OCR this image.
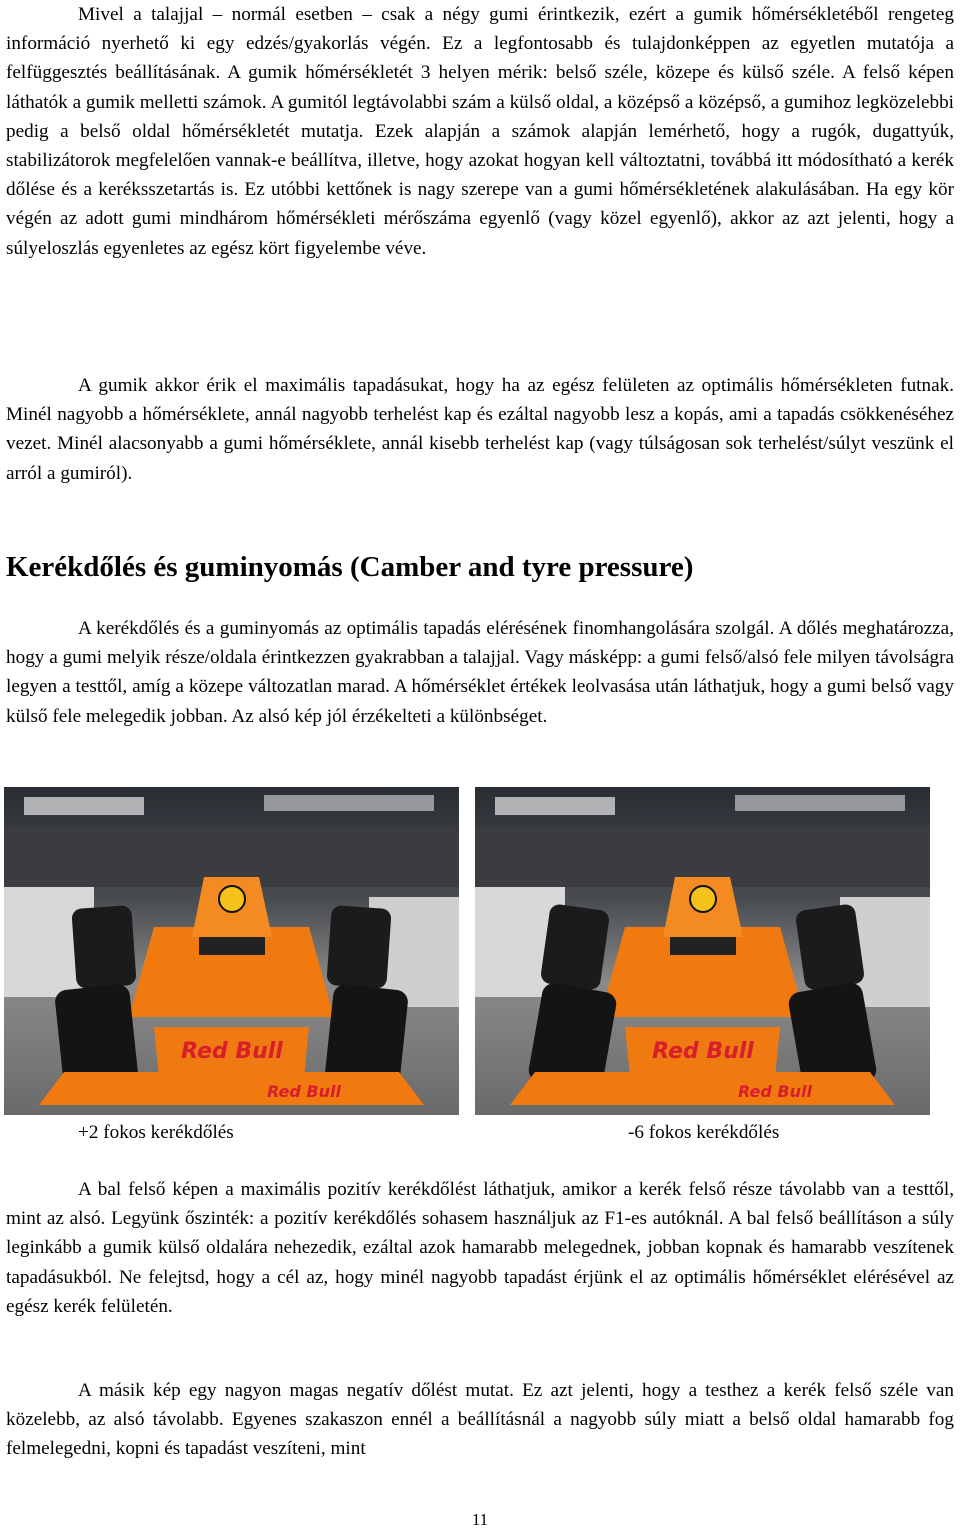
Mivel a talajjal – normál esetben – csak a négy gumi érintkezik, ezért a gumik hőmérsékletéből rengeteg információ nyerhető ki egy edzés/gyakorlás végén. Ez a legfontosabb és tulajdonképpen az egyetlen mutatója a felfüggesztés beállításának. A gumik hőmérsékletét 3 helyen mérik: belső széle, közepe és külső széle. A felső képen láthatók a gumik melletti számok. A gumitól legtávolabbi szám a külső oldal, a középső a középső, a gumihoz legközelebbi pedig a belső oldal hőmérsékletét mutatja. Ezek alapján a számok alapján lemérhető, hogy a rugók, dugattyúk, stabilizátorok megfelelően vannak-e beállítva, illetve, hogy azokat hogyan kell változtatni, továbbá itt módosítható a kerék dőlése és a keréksszetartás is. Ez utóbbi kettőnek is nagy szerepe van a gumi hőmérsékletének alakulásában. Ha egy kör végén az adott gumi mindhárom hőmérsékleti mérőszáma egyenlő (vagy közel egyenlő), akkor az azt jelenti, hogy a súlyeloszlás egyenletes az egész kört figyelembe véve.

A gumik akkor érik el maximális tapadásukat, hogy ha az egész felületen az optimális hőmérsékleten futnak. Minél nagyobb a hőmérséklete, annál nagyobb terhelést kap és ezáltal nagyobb lesz a kopás, ami a tapadás csökkenéséhez vezet. Minél alacsonyabb a gumi hőmérséklete, annál kisebb terhelést kap (vagy túlságosan sok terhelést/súlyt veszünk el arról a gumiról).

Kerékdőlés és guminyomás (Camber and tyre pressure)

A kerékdőlés és a guminyomás az optimális tapadás elérésének finomhangolására szolgál. A dőlés meghatározza, hogy a gumi melyik része/oldala érintkezzen gyakrabban a talajjal. Vagy másképp: a gumi felső/alsó fele milyen távolságra legyen a testtől, amíg a közepe változatlan marad. A hőmérséklet értékek leolvasása után láthatjuk, hogy a gumi belső vagy külső fele melegedik jobban. Az alsó kép jól érzékelteti a különbséget.

Red Bull
Red Bull
Red Bull
Red Bull
+2 fokos kerékdőlés	-6 fokos kerékdőlés

A bal felső képen a maximális pozitív kerékdőlést láthatjuk, amikor a kerék felső része távolabb van a testtől, mint az alsó. Legyünk őszinték: a pozitív kerékdőlés sohasem használjuk az F1-es autóknál. A bal felső beállításon a súly leginkább a gumik külső oldalára nehezedik, ezáltal azok hamarabb melegednek, jobban kopnak és hamarabb veszítenek tapadásukból. Ne felejtsd, hogy a cél az, hogy minél nagyobb tapadást érjünk el az optimális hőmérséklet elérésével az egész kerék felületén.

A másik kép egy nagyon magas negatív dőlést mutat. Ez azt jelenti, hogy a testhez a kerék felső széle van közelebb, az alsó távolabb. Egyenes szakaszon ennél a beállításnál a nagyobb súly miatt a belső oldal hamarabb fog felmelegedni, kopni és tapadást veszíteni, mint

11
